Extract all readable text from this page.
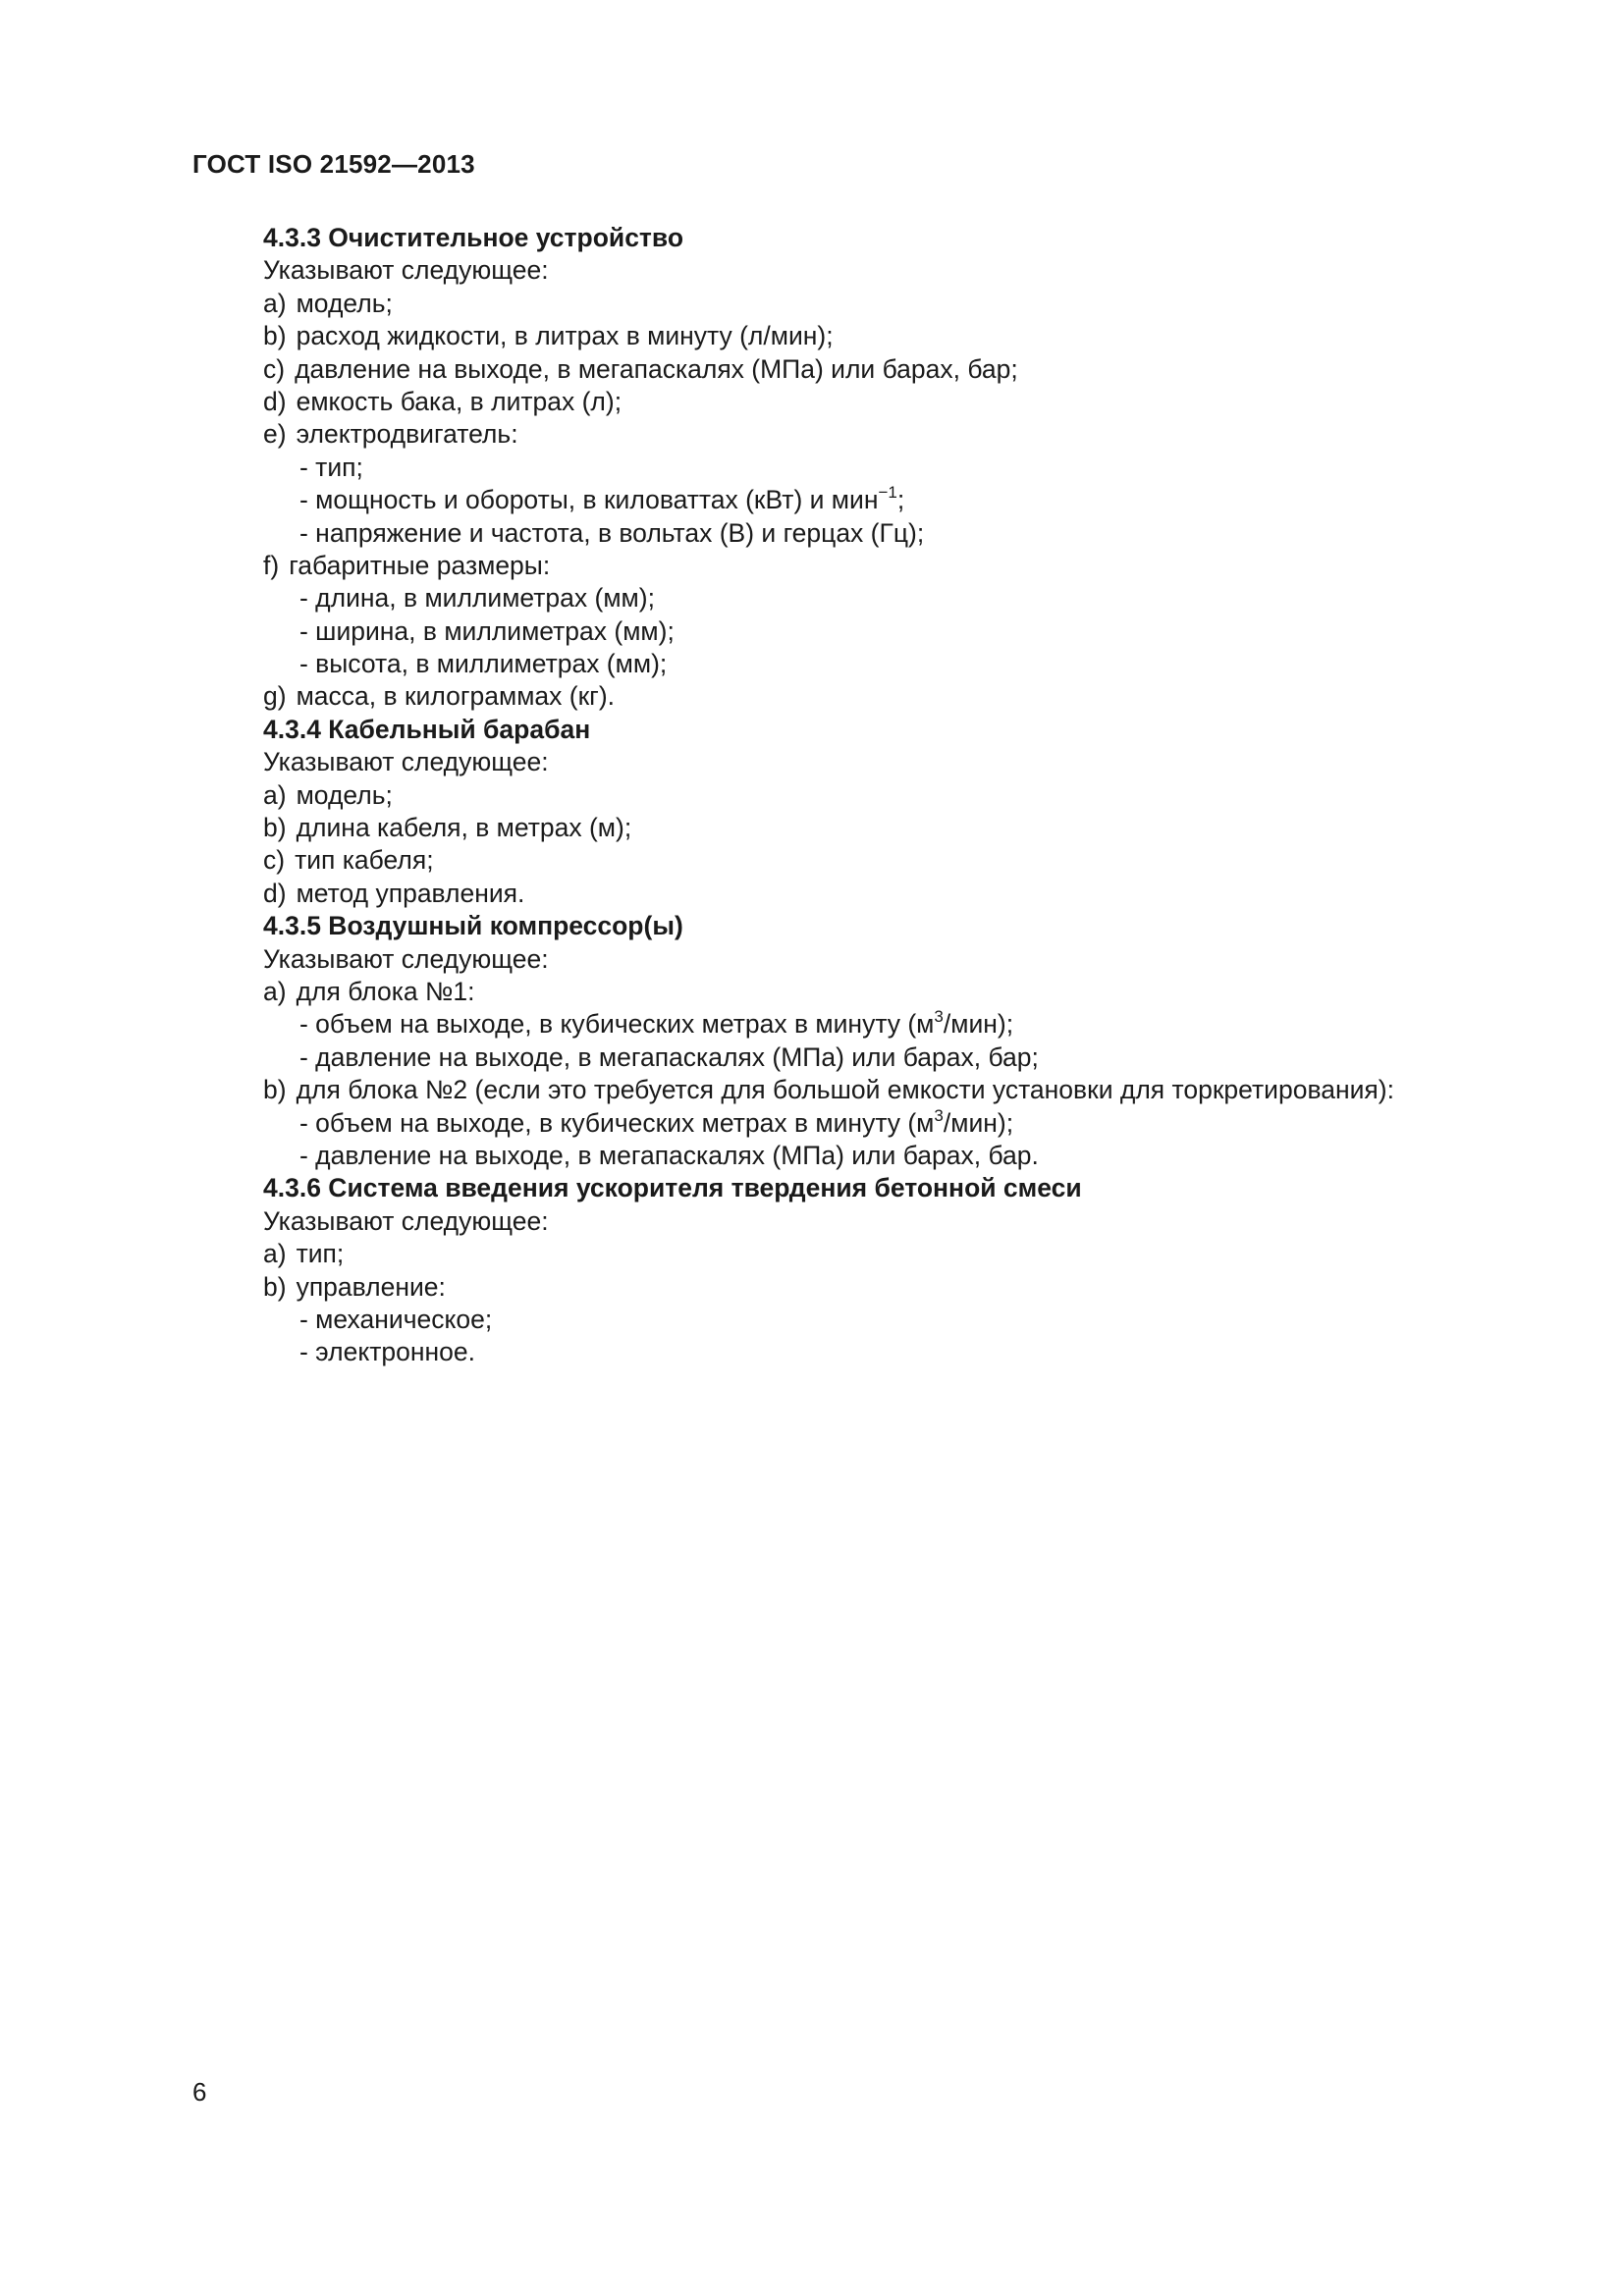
ГОСТ ISO 21592—2013
4.3.3 Очистительное устройство
Указывают следующее:
a) модель;
b) расход жидкости, в литрах в минуту (л/мин);
c) давление на выходе, в мегапаскалях (МПа) или барах, бар;
d) емкость бака, в литрах (л);
e) электродвигатель:
- тип;
- мощность и обороты, в киловаттах (кВт) и мин$^{-1}$;
- напряжение и частота, в вольтах (В) и герцах (Гц);
f) габаритные размеры:
- длина, в миллиметрах (мм);
- ширина, в миллиметрах (мм);
- высота, в миллиметрах (мм);
g) масса, в килограммах (кг).
4.3.4 Кабельный барабан
Указывают следующее:
a) модель;
b) длина кабеля, в метрах (м);
c) тип кабеля;
d) метод управления.
4.3.5 Воздушный компрессор(ы)
Указывают следующее:
a) для блока №1:
- объем на выходе, в кубических метрах в минуту $(м^3/мин)$;
- давление на выходе, в мегапаскалях (МПа) или барах, бар;
b) для блока №2 (если это требуется для большой емкости установки для торкретирования):
- объем на выходе, в кубических метрах в минуту $(м^3/мин)$;
- давление на выходе, в мегапаскалях (МПа) или барах, бар.
4.3.6 Система введения ускорителя твердения бетонной смеси
Указывают следующее:
a) тип;
b) управление:
- механическое;
- электронное.
6
